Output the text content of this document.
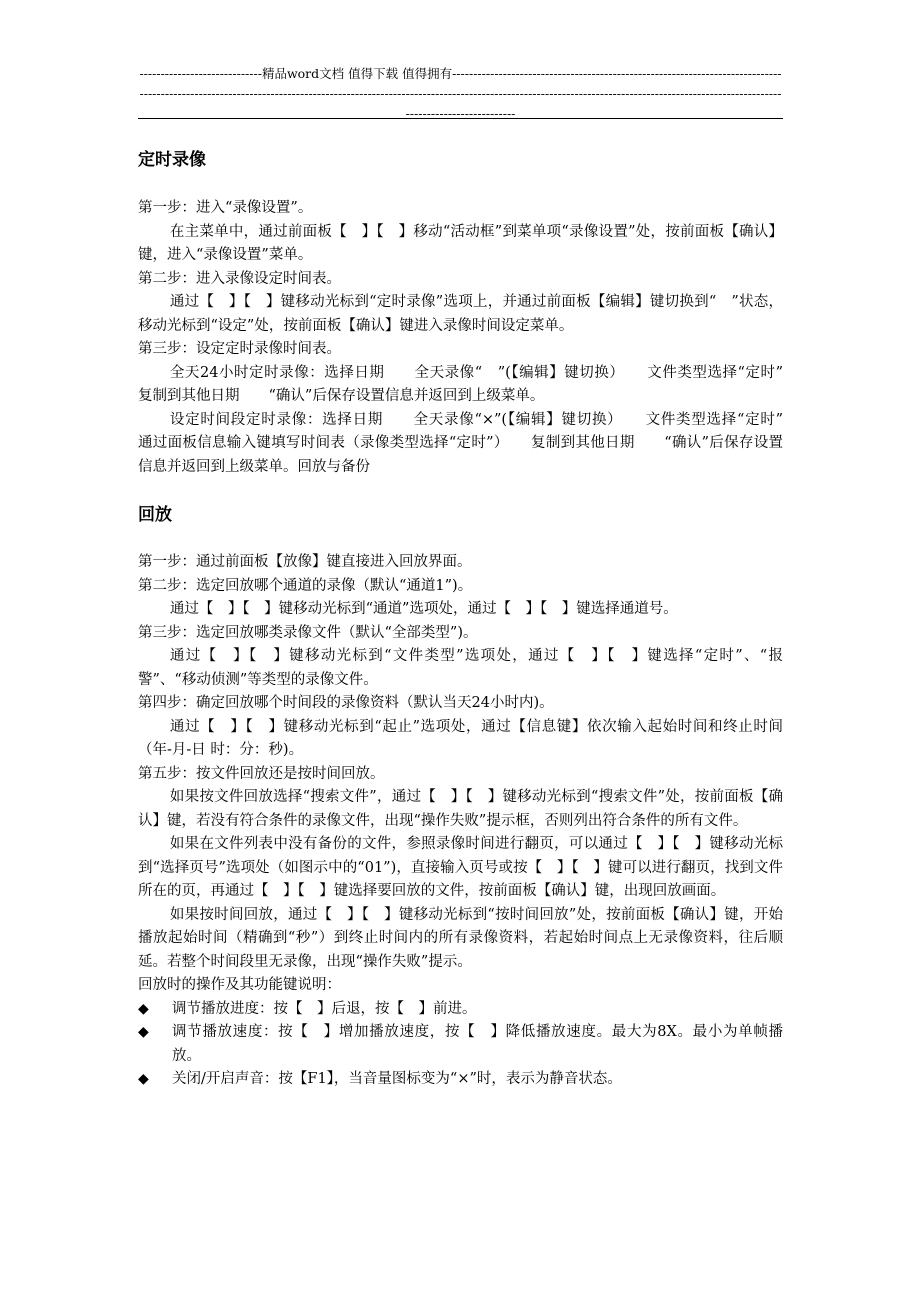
-----------------------------精品word文档 值得下载 值得拥有----------------------------------------------------------------------------------------------------------------------------------------------------------------------------------------------------------------------------------------------------------------
定时录像

第一步：进入“录像设置”。

在主菜单中，通过前面板【　】【　】移动“活动框”到菜单项“录像设置”处，按前面板【确认】键，进入“录像设置”菜单。

第二步：进入录像设定时间表。

通过【　】【　】键移动光标到“定时录像”选项上，并通过前面板【编辑】键切换到“　”状态，移动光标到“设定”处，按前面板【确认】键进入录像时间设定菜单。

第三步：设定定时录像时间表。

全天24小时定时录像：选择日期　　全天录像“　”(【编辑】键切换）　　文件类型选择“定时”　　复制到其他日期　　“确认”后保存设置信息并返回到上级菜单。

设定时间段定时录像：选择日期　　全天录像“×”(【编辑】键切换）　　文件类型选择“定时”　　通过面板信息输入键填写时间表（录像类型选择“定时”）　　复制到其他日期　　“确认”后保存设置信息并返回到上级菜单。回放与备份

回放

第一步：通过前面板【放像】键直接进入回放界面。

第二步：选定回放哪个通道的录像（默认“通道1”)。

通过【　】【　】键移动光标到“通道”选项处，通过【　】【　】键选择通道号。

第三步：选定回放哪类录像文件（默认“全部类型”)。

通过【　】【　】键移动光标到“文件类型”选项处，通过【　】【　】键选择“定时”、“报警”、“移动侦测”等类型的录像文件。

第四步：确定回放哪个时间段的录像资料（默认当天24小时内)。

通过【　】【　】键移动光标到“起止”选项处，通过【信息键】依次输入起始时间和终止时间（年-月-日 时：分：秒)。

第五步：按文件回放还是按时间回放。

如果按文件回放选择“搜索文件”，通过【　】【　】键移动光标到“搜索文件”处，按前面板【确认】键，若没有符合条件的录像文件，出现“操作失败”提示框，否则列出符合条件的所有文件。

如果在文件列表中没有备份的文件，参照录像时间进行翻页，可以通过【　】【　】键移动光标到“选择页号”选项处（如图示中的“01”)，直接输入页号或按【　】【　】键可以进行翻页，找到文件所在的页，再通过【　】【　】键选择要回放的文件，按前面板【确认】键，出现回放画面。

如果按时间回放，通过【　】【　】键移动光标到“按时间回放”处，按前面板【确认】键，开始播放起始时间（精确到“秒”）到终止时间内的所有录像资料，若起始时间点上无录像资料，往后顺延。若整个时间段里无录像，出现“操作失败”提示。

回放时的操作及其功能键说明：

◆ 调节播放进度：按【　】后退，按【　】前进。

◆ 调节播放速度：按【　】增加播放速度，按【　】降低播放速度。最大为8X。最小为单帧播放。

◆ 关闭/开启声音：按【F1】，当音量图标变为“×”时，表示为静音状态。
